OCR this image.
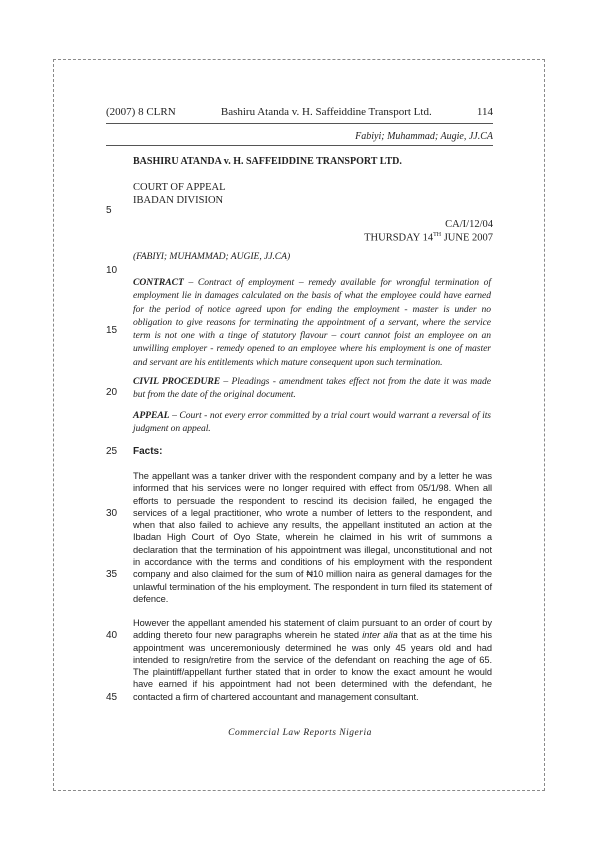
(2007) 8 CLRN	Bashiru Atanda v. H. Saffeiddine Transport Ltd.	114
Fabiyi; Muhammad; Augie, JJ.CA
BASHIRU ATANDA v. H. SAFFEIDDINE TRANSPORT LTD.
COURT OF APPEAL
IBADAN DIVISION
CA/I/12/04
THURSDAY 14TH JUNE 2007
(FABIYI; MUHAMMAD; AUGIE, JJ.CA)
CONTRACT – Contract of employment – remedy available for wrongful termination of employment lie in damages calculated on the basis of what the employee could have earned for the period of notice agreed upon for ending the employment - master is under no obligation to give reasons for terminating the appointment of a servant, where the service term is not one with a tinge of statutory flavour – court cannot foist an employee on an unwilling employer - remedy opened to an employee where his employment is one of master and servant are his entitlements which mature consequent upon such termination.
CIVIL PROCEDURE – Pleadings - amendment takes effect not from the date it was made but from the date of the original document.
APPEAL – Court - not every error committed by a trial court would warrant a reversal of its judgment on appeal.
Facts:
The appellant was a tanker driver with the respondent company and by a letter he was informed that his services were no longer required with effect from 05/1/98. When all efforts to persuade the respondent to rescind its decision failed, he engaged the services of a legal practitioner, who wrote a number of letters to the respondent, and when that also failed to achieve any results, the appellant instituted an action at the Ibadan High Court of Oyo State, wherein he claimed in his writ of summons a declaration that the termination of his appointment was illegal, unconstitutional and not in accordance with the terms and conditions of his employment with the respondent company and also claimed for the sum of ₦10 million naira as general damages for the unlawful termination of the his employment. The respondent in turn filed its statement of defence.
However the appellant amended his statement of claim pursuant to an order of court by adding thereto four new paragraphs wherein he stated inter alia that as at the time his appointment was unceremoniously determined he was only 45 years old and had intended to resign/retire from the service of the defendant on reaching the age of 65. The plaintiff/appellant further stated that in order to know the exact amount he would have earned if his appointment had not been determined with the defendant, he contacted a firm of chartered accountant and management consultant.
5
10
15
20
25
30
35
40
45
Commercial Law Reports Nigeria
